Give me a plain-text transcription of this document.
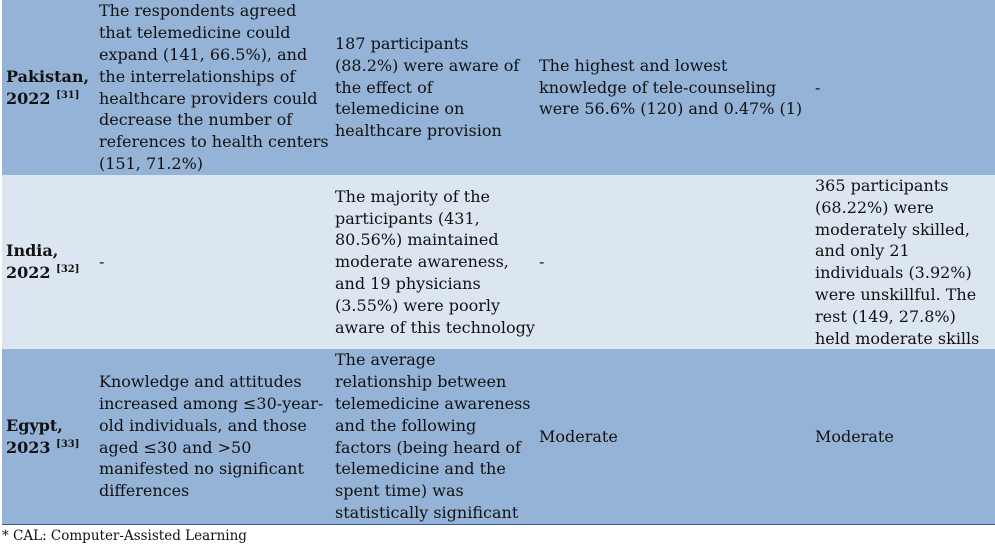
Pakistan,
2022 [31]	The respondents agreed that telemedicine could expand (141, 66.5%), and the interrelationships of healthcare providers could decrease the number of references to health centers (151, 71.2%)	187 participants (88.2%) were aware of the effect of telemedicine on healthcare provision	The highest and lowest knowledge of tele-counseling were 56.6% (120) and 0.47% (1)	-

India,
2022 [32]	-	The majority of the participants (431, 80.56%) maintained moderate awareness, and 19 physicians (3.55%) were poorly aware of this technology	-	365 participants (68.22%) were moderately skilled, and only 21 individuals (3.92%) were unskillful. The rest (149, 27.8%) held moderate skills

Egypt,
2023 [33]	Knowledge and attitudes increased among ≤30-year-old individuals, and those aged ≤30 and >50 manifested no significant differences	The average relationship between telemedicine awareness and the following factors (being heard of telemedicine and the spent time) was statistically significant	Moderate	Moderate
* CAL: Computer-Assisted Learning
